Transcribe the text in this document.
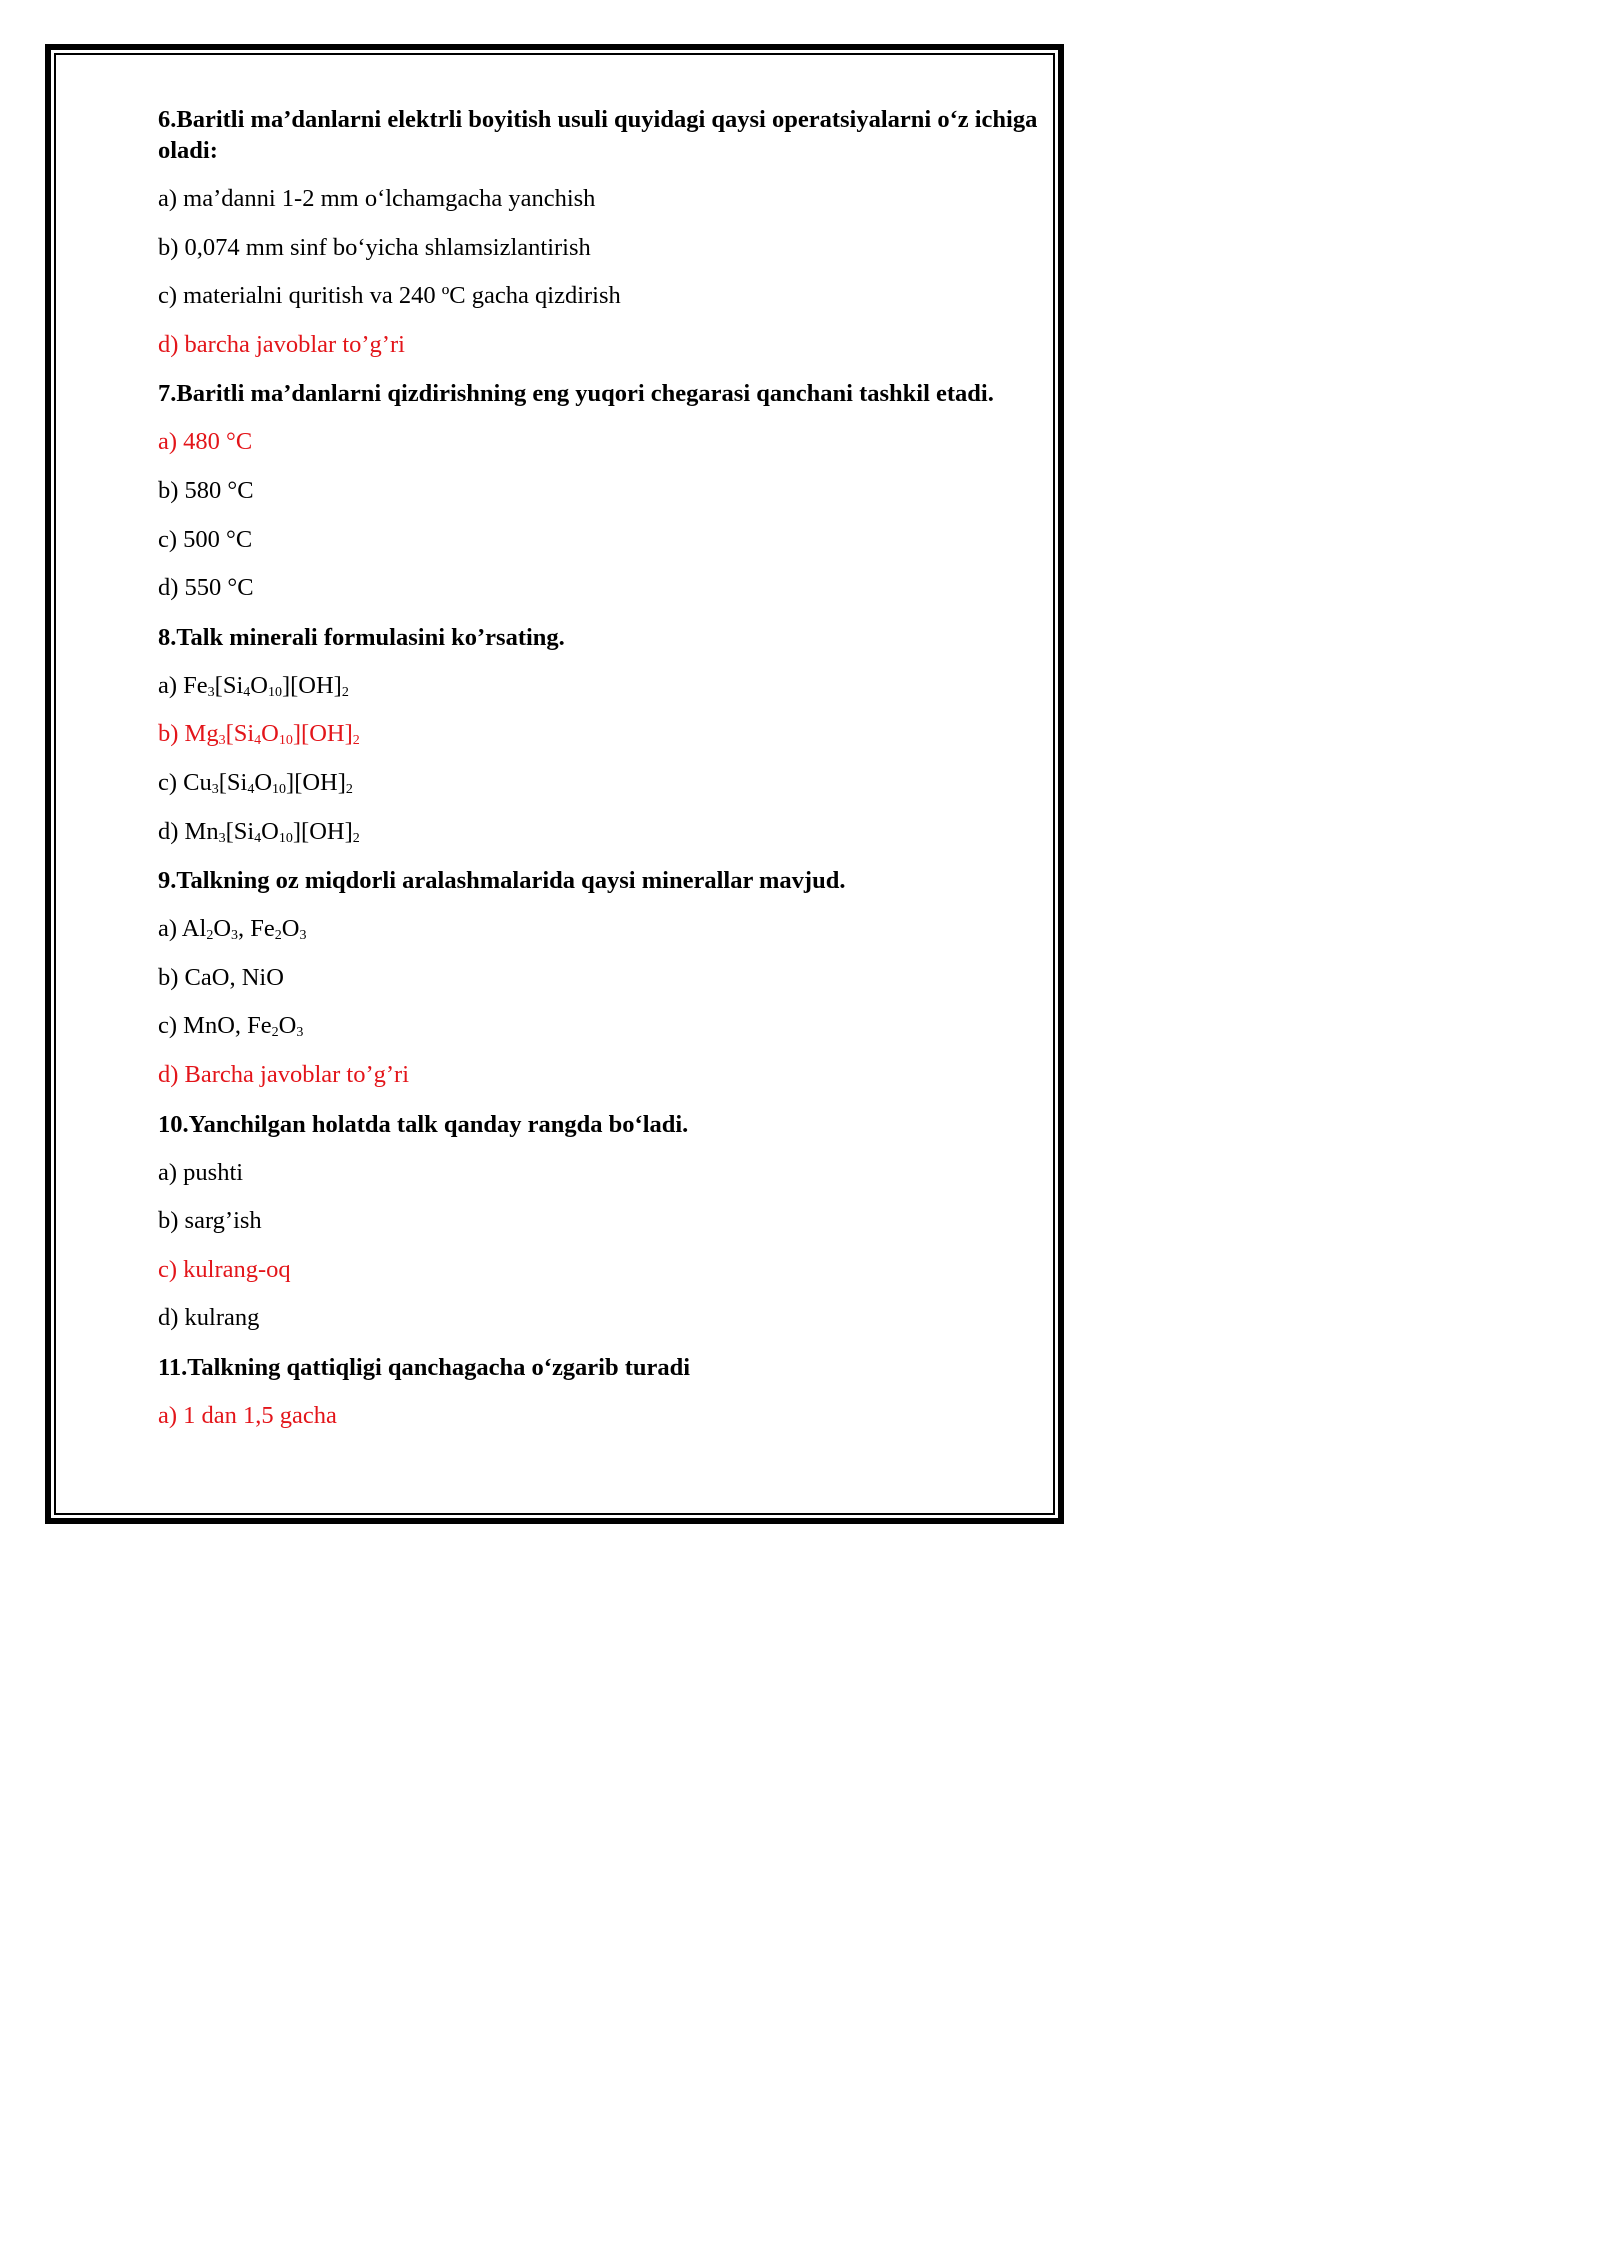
6.Baritli ma’danlarni elektrli boyitish usuli quyidagi qaysi operatsiyalarni o‘z ichiga oladi:
a) ma’danni 1-2 mm o‘lchamgacha yanchish
b) 0,074 mm sinf bo‘yicha shlamsizlantirish
c) materialni quritish va 240 ºC gacha qizdirish
d) barcha javoblar to’g’ri
7.Baritli ma’danlarni qizdirishning eng yuqori chegarasi qanchani tashkil etadi.
a) 480 °C
b) 580 °C
c) 500 °C
d) 550 °C
8.Talk minerali formulasini ko’rsating.
a) $Fe_3[Si_4O_{10}][OH]_2$
b) $Mg_3[Si_4O_{10}][OH]_2$
c) $Cu_3[Si_4O_{10}][OH]_2$
d) $Mn_3[Si_4O_{10}][OH]_2$
9.Talkning oz miqdorli aralashmalarida qaysi minerallar mavjud.
a) $Al_2O_3$, $Fe_2O_3$
b) CaO, NiO
c) MnO, $Fe_2O_3$
d) Barcha javoblar to’g’ri
10.Yanchilgan holatda talk qanday rangda bo‘ladi.
a) pushti
b) sarg’ish
c) kulrang-oq
d) kulrang
11.Talkning qattiqligi qanchagacha o‘zgarib turadi
a) 1 dan 1,5 gacha
